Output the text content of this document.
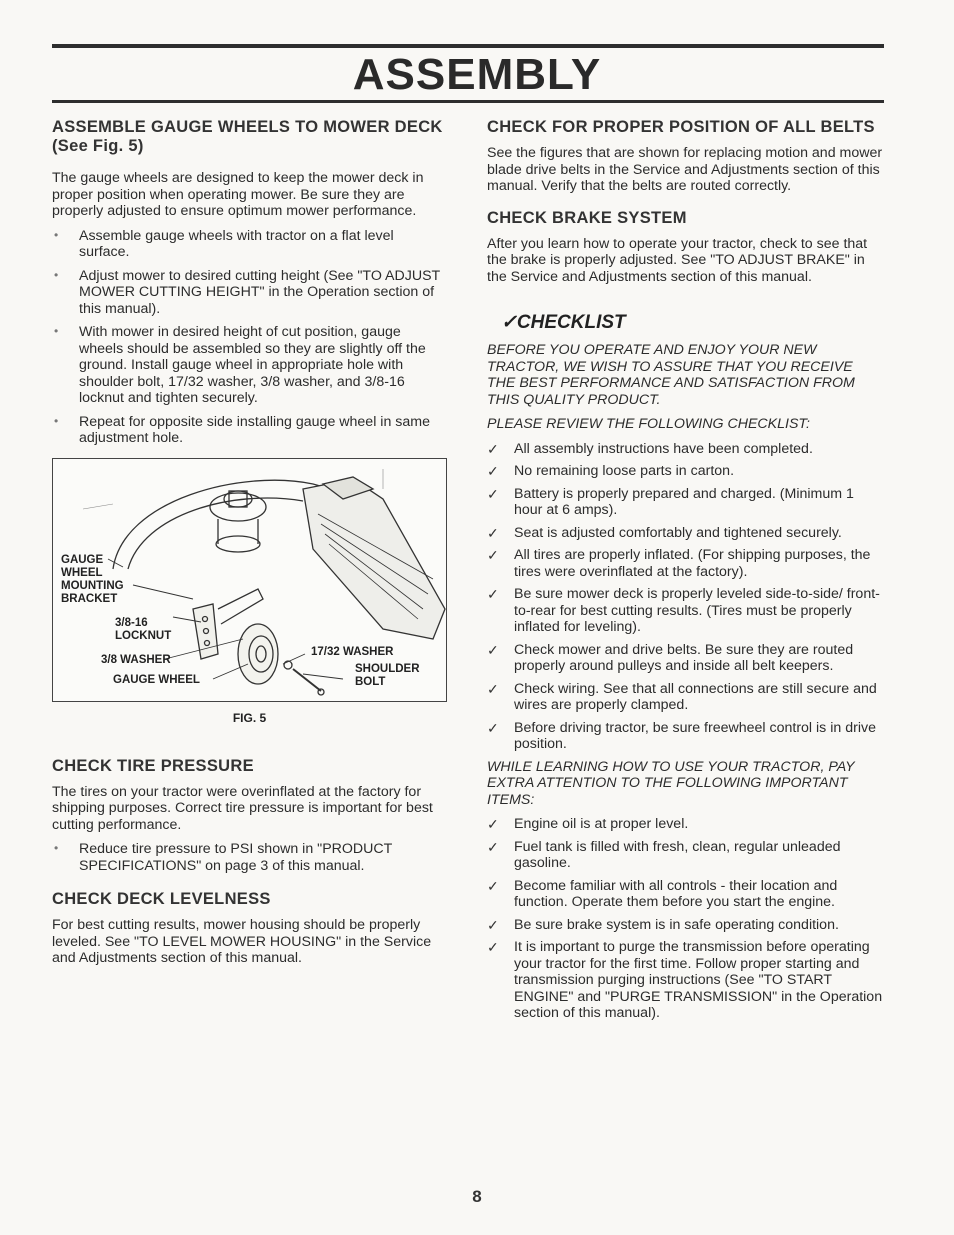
ASSEMBLY
ASSEMBLE GAUGE WHEELS TO MOWER DECK (See Fig. 5)

The gauge wheels are designed to keep the mower deck in proper position when operating mower. Be sure they are properly adjusted to ensure optimum mower performance.

• Assemble gauge wheels with tractor on a flat level surface.
• Adjust mower to desired cutting height (See "TO ADJUST MOWER CUTTING HEIGHT" in the Operation section of this manual).
• With mower in desired height of cut position, gauge wheels should be assembled so they are slightly off the ground. Install gauge wheel in appropriate hole with shoulder bolt, 17/32 washer, 3/8 washer, and 3/8-16 locknut and tighten securely.
• Repeat for opposite side installing gauge wheel in same adjustment hole.
GAUGE
WHEEL
MOUNTING
BRACKET
3/8-16
LOCKNUT
3/8 WASHER
GAUGE WHEEL
17/32 WASHER
SHOULDER
BOLT
FIG. 5
CHECK TIRE PRESSURE

The tires on your tractor were overinflated at the factory for shipping purposes. Correct tire pressure is important for best cutting performance.

• Reduce tire pressure to PSI shown in "PRODUCT SPECIFICATIONS" on page 3 of this manual.
CHECK DECK LEVELNESS

For best cutting results, mower housing should be properly leveled. See "TO LEVEL MOWER HOUSING" in the Service and Adjustments section of this manual.

CHECK FOR PROPER POSITION OF ALL BELTS

See the figures that are shown for replacing motion and mower blade drive belts in the Service and Adjustments section of this manual. Verify that the belts are routed correctly.

CHECK BRAKE SYSTEM

After you learn how to operate your tractor, check to see that the brake is properly adjusted. See "TO ADJUST BRAKE" in the Service and Adjustments section of this manual.

✓CHECKLIST

BEFORE YOU OPERATE AND ENJOY YOUR NEW TRACTOR, WE WISH TO ASSURE THAT YOU RECEIVE THE BEST PERFORMANCE AND SATISFACTION FROM THIS QUALITY PRODUCT.

PLEASE REVIEW THE FOLLOWING CHECKLIST:

✓ All assembly instructions have been completed.
✓ No remaining loose parts in carton.
✓ Battery is properly prepared and charged. (Minimum 1 hour at 6 amps).
✓ Seat is adjusted comfortably and tightened securely.
✓ All tires are properly inflated. (For shipping purposes, the tires were overinflated at the factory).
✓ Be sure mower deck is properly leveled side-to-side/ front-to-rear for best cutting results. (Tires must be properly inflated for leveling).
✓ Check mower and drive belts. Be sure they are routed properly around pulleys and inside all belt keepers.
✓ Check wiring. See that all connections are still secure and wires are properly clamped.
✓ Before driving tractor, be sure freewheel control is in drive position.

WHILE LEARNING HOW TO USE YOUR TRACTOR, PAY EXTRA ATTENTION TO THE FOLLOWING IMPORTANT ITEMS:

✓ Engine oil is at proper level.
✓ Fuel tank is filled with fresh, clean, regular unleaded gasoline.
✓ Become familiar with all controls - their location and function. Operate them before you start the engine.
✓ Be sure brake system is in safe operating condition.
✓ It is important to purge the transmission before operating your tractor for the first time. Follow proper starting and transmission purging instructions (See "TO START ENGINE" and "PURGE TRANSMISSION" in the Operation section of this manual).
8
